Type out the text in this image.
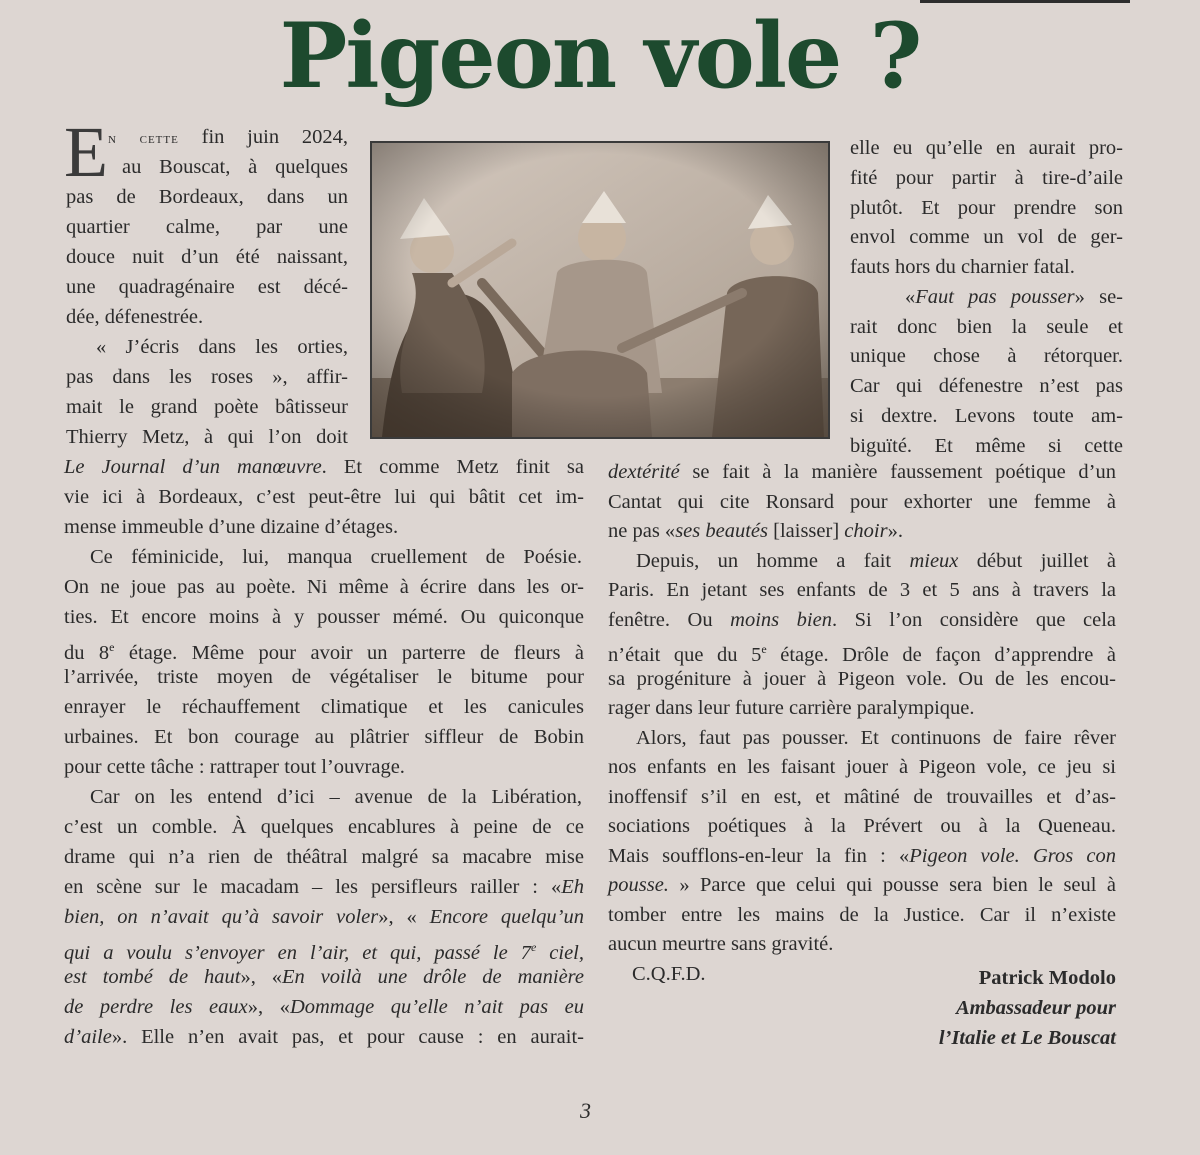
Pigeon vole ?
E n cette fin juin 2024,
au Bouscat, à quelques
pas de Bordeaux, dans un
quartier calme, par une
douce nuit d’un été naissant,
une quadragénaire est décé-
dée, défenestrée.
« J’écris dans les orties,
pas dans les roses », affir-
mait le grand poète bâtisseur
Thierry Metz, à qui l’on doit
Le Journal d’un manœuvre. Et comme Metz finit sa
vie ici à Bordeaux, c’est peut-être lui qui bâtit cet im-
mense immeuble d’une dizaine d’étages.
Ce féminicide, lui, manqua cruellement de Poésie.
On ne joue pas au poète. Ni même à écrire dans les or-
ties. Et encore moins à y pousser mémé. Ou quiconque
du 8e étage. Même pour avoir un parterre de fleurs à
l’arrivée, triste moyen de végétaliser le bitume pour
enrayer le réchauffement climatique et les canicules
urbaines. Et bon courage au plâtrier siffleur de Bobin
pour cette tâche : rattraper tout l’ouvrage.
Car on les entend d’ici – avenue de la Libération,
c’est un comble. À quelques encablures à peine de ce
drame qui n’a rien de théâtral malgré sa macabre mise
en scène sur le macadam – les persifleurs railler : «Eh
bien, on n’avait qu’à savoir voler», « Encore quelqu’un
qui a voulu s’envoyer en l’air, et qui, passé le 7e ciel,
est tombé de haut», «En voilà une drôle de manière
de perdre les eaux», «Dommage qu’elle n’ait pas eu
d’aile». Elle n’en avait pas, et pour cause : en aurait-
elle eu qu’elle en aurait pro-
fité pour partir à tire-d’aile
plutôt. Et pour prendre son
envol comme un vol de ger-
fauts hors du charnier fatal.
«Faut pas pousser» se-
rait donc bien la seule et
unique chose à rétorquer.
Car qui défenestre n’est pas
si dextre. Levons toute am-
biguïté. Et même si cette
dextérité se fait à la manière faussement poétique d’un
Cantat qui cite Ronsard pour exhorter une femme à
ne pas «ses beautés [laisser] choir».
Depuis, un homme a fait mieux début juillet à
Paris. En jetant ses enfants de 3 et 5 ans à travers la
fenêtre. Ou moins bien. Si l’on considère que cela
n’était que du 5e étage. Drôle de façon d’apprendre à
sa progéniture à jouer à Pigeon vole. Ou de les encou-
rager dans leur future carrière paralympique.
Alors, faut pas pousser. Et continuons de faire rêver
nos enfants en les faisant jouer à Pigeon vole, ce jeu si
inoffensif s’il en est, et mâtiné de trouvailles et d’as-
sociations poétiques à la Prévert ou à la Queneau.
Mais soufflons-en-leur la fin : «Pigeon vole. Gros con
pousse. » Parce que celui qui pousse sera bien le seul à
tomber entre les mains de la Justice. Car il n’existe
aucun meurtre sans gravité.
C.Q.F.D.	Patrick Modolo
Ambassadeur pour
l’Italie et Le Bouscat
3
